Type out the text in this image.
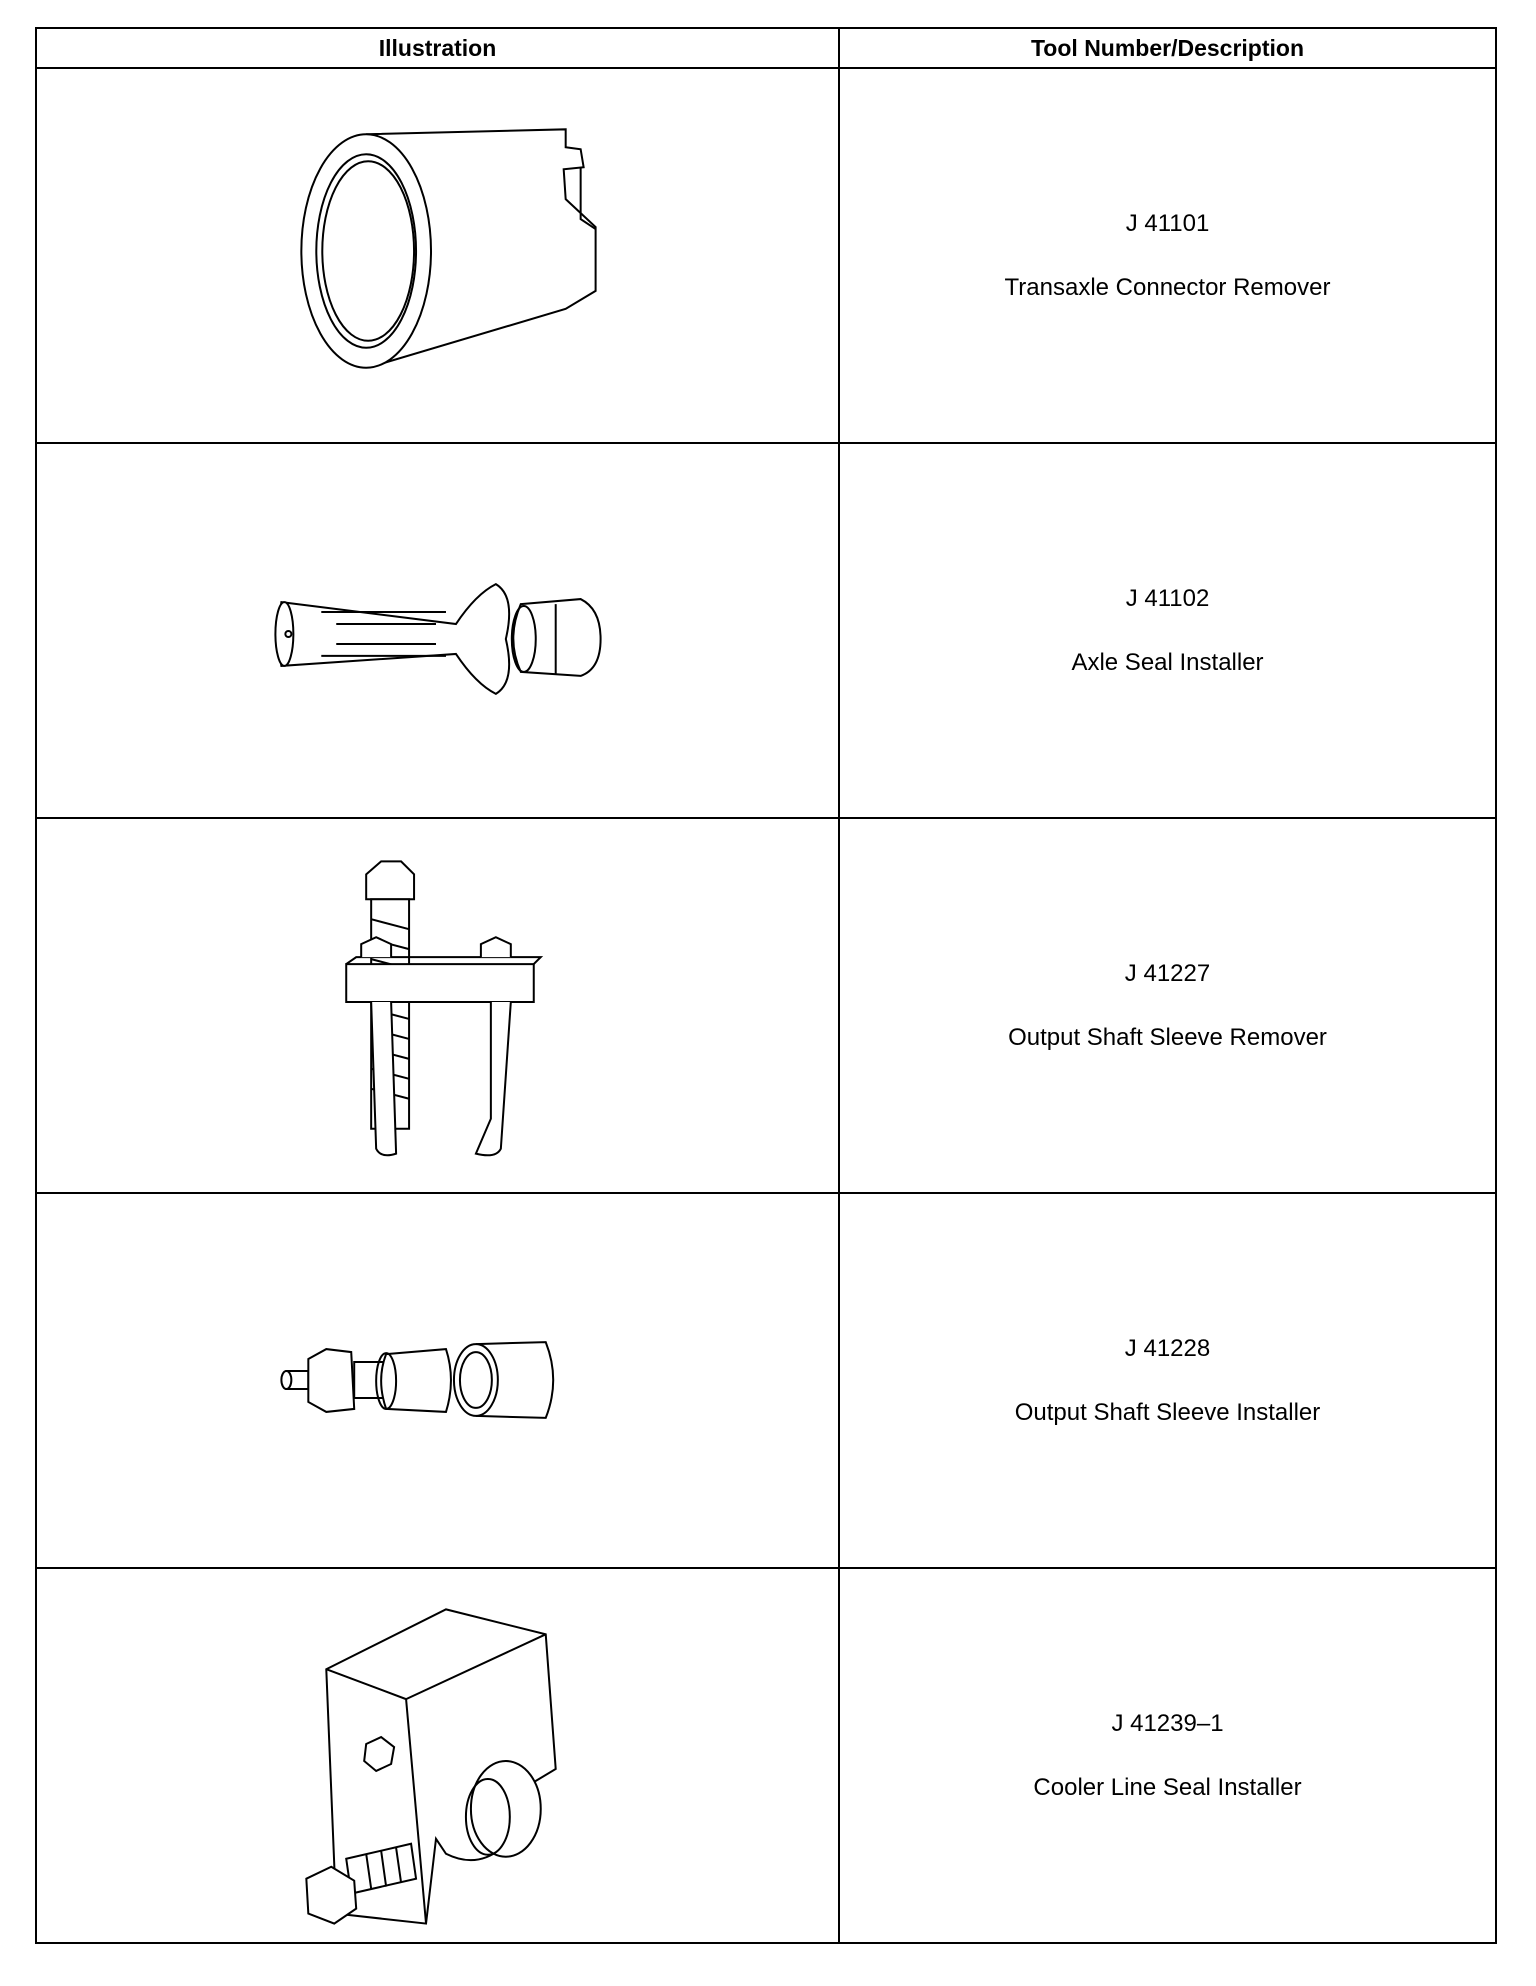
Illustration	Tool Number/Description

J 41101
Transaxle Connector Remover

J 41102
Axle Seal Installer

J 41227
Output Shaft Sleeve Remover

J 41228
Output Shaft Sleeve Installer

J 41239–1
Cooler Line Seal Installer
